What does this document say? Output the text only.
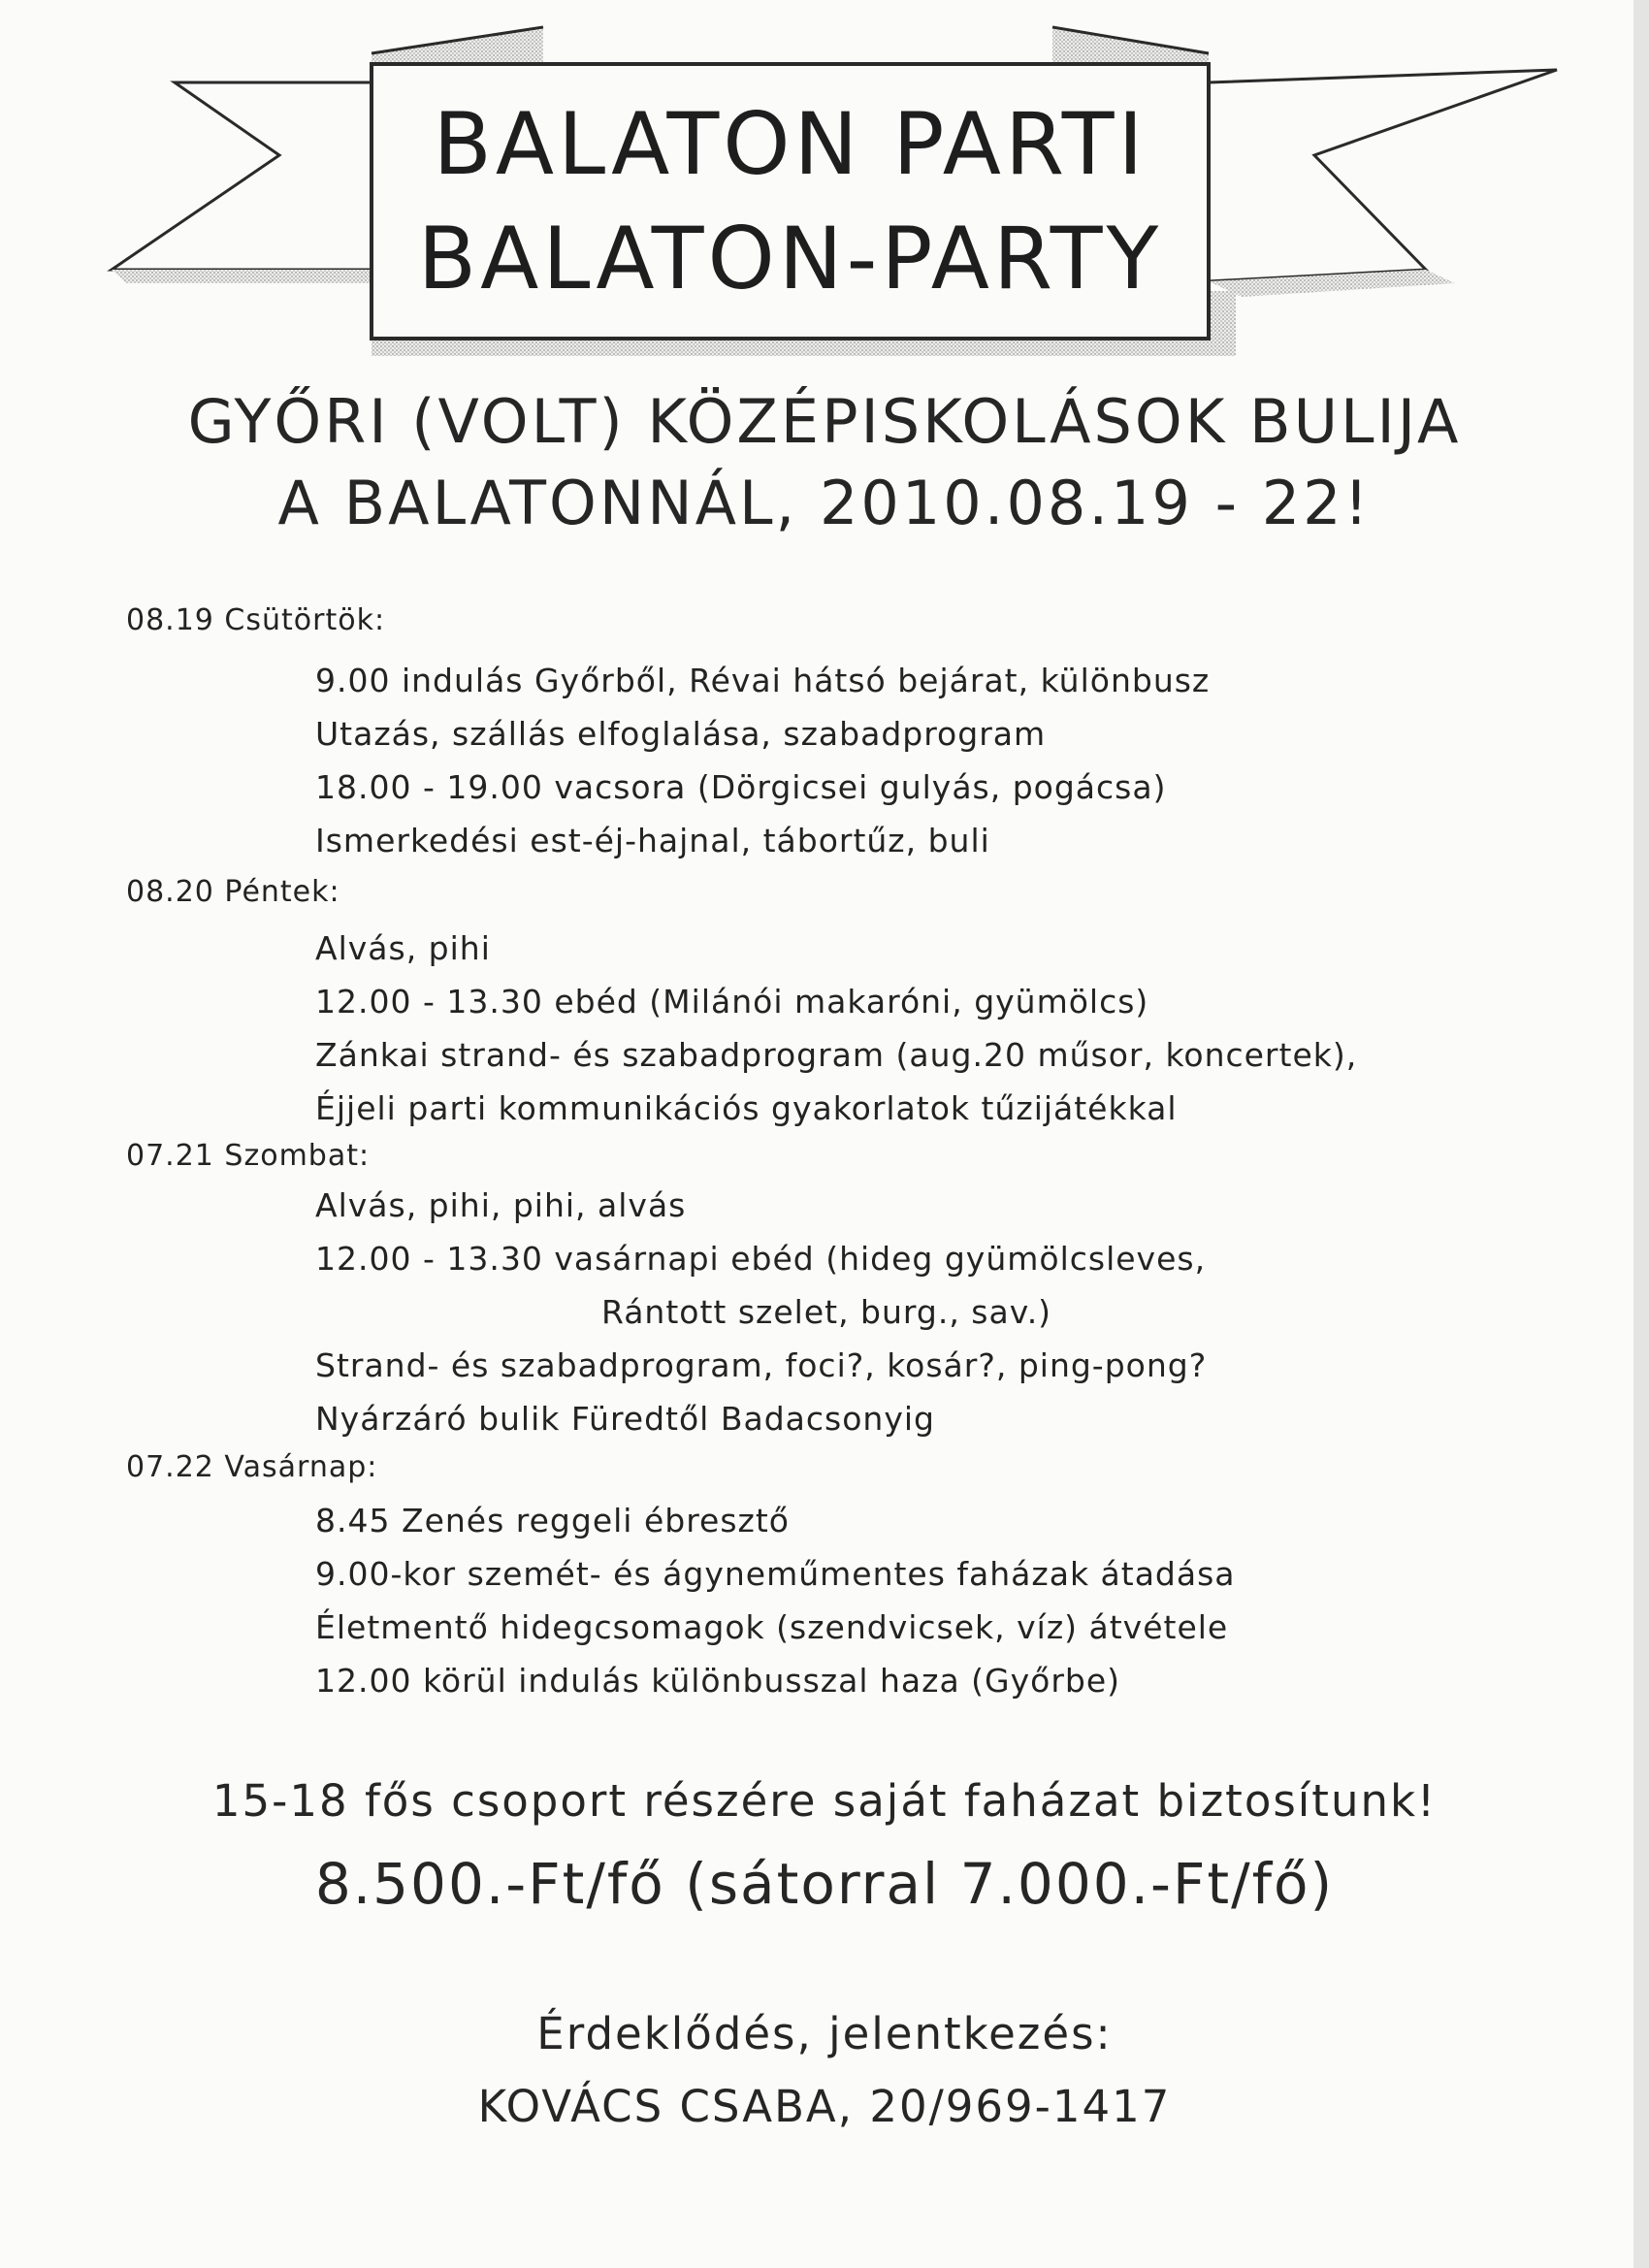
BALATON PARTI
BALATON-PARTY
GYŐRI (VOLT) KÖZÉPISKOLÁSOK BULIJA
A BALATONNÁL, 2010.08.19 - 22!
08.19 Csütörtök:
9.00 indulás Győrből, Révai hátsó bejárat, különbusz
Utazás, szállás elfoglalása, szabadprogram
18.00 - 19.00 vacsora (Dörgicsei gulyás, pogácsa)
Ismerkedési est-éj-hajnal, tábortűz, buli
08.20 Péntek:
Alvás, pihi
12.00 - 13.30 ebéd (Milánói makaróni, gyümölcs)
Zánkai strand- és szabadprogram (aug.20 műsor, koncertek),
Éjjeli parti kommunikációs gyakorlatok tűzijátékkal
07.21 Szombat:
Alvás, pihi, pihi, alvás
12.00 - 13.30 vasárnapi ebéd (hideg gyümölcsleves,
Rántott szelet, burg., sav.)
Strand- és szabadprogram, foci?, kosár?, ping-pong?
Nyárzáró bulik Füredtől Badacsonyig
07.22 Vasárnap:
8.45 Zenés reggeli ébresztő
9.00-kor szemét- és ágyneműmentes faházak átadása
Életmentő hidegcsomagok (szendvicsek, víz) átvétele
12.00 körül indulás különbusszal haza (Győrbe)
15-18 fős csoport részére saját faházat biztosítunk!
8.500.-Ft/fő (sátorral 7.000.-Ft/fő)
Érdeklődés, jelentkezés:
KOVÁCS CSABA, 20/969-1417
